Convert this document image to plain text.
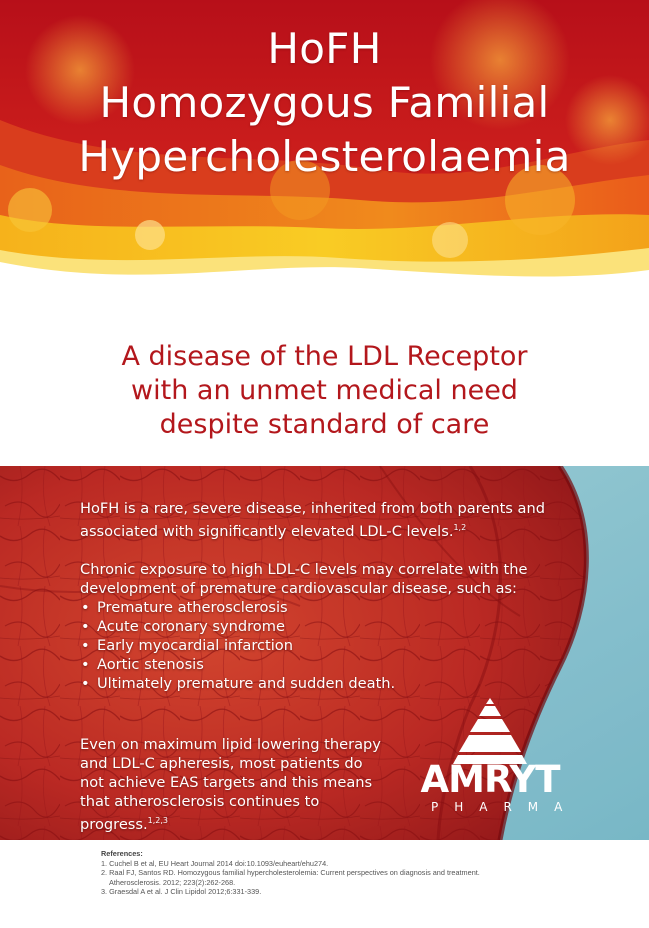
HoFH
Homozygous Familial
Hypercholesterolaemia
A disease of the LDL Receptor
with an unmet medical need
despite standard of care

HoFH is a rare, severe disease, inherited from both parents and associated with significantly elevated LDL-C levels.$^{1,2}$

Chronic exposure to high LDL-C levels may correlate with the development of premature cardiovascular disease, such as:

• Premature atherosclerosis
• Acute coronary syndrome
• Early myocardial infarction
• Aortic stenosis
• Ultimately premature and sudden death.

Even on maximum lipid lowering therapy and LDL-C apheresis, most patients do not achieve EAS targets and this means that atherosclerosis continues to progress.$^{1,2,3}$

AMRYT
PHARMA
References:
1. Cuchel B et al, EU Heart Journal 2014 doi:10.1093/euheart/ehu274.
2. Raal FJ, Santos RD. Homozygous familial hypercholesterolemia: Current perspectives on diagnosis and treatment.
Atherosclerosis. 2012; 223(2):262-268.
3. Graesdal A et al. J Clin Lipidol 2012;6:331-339.
